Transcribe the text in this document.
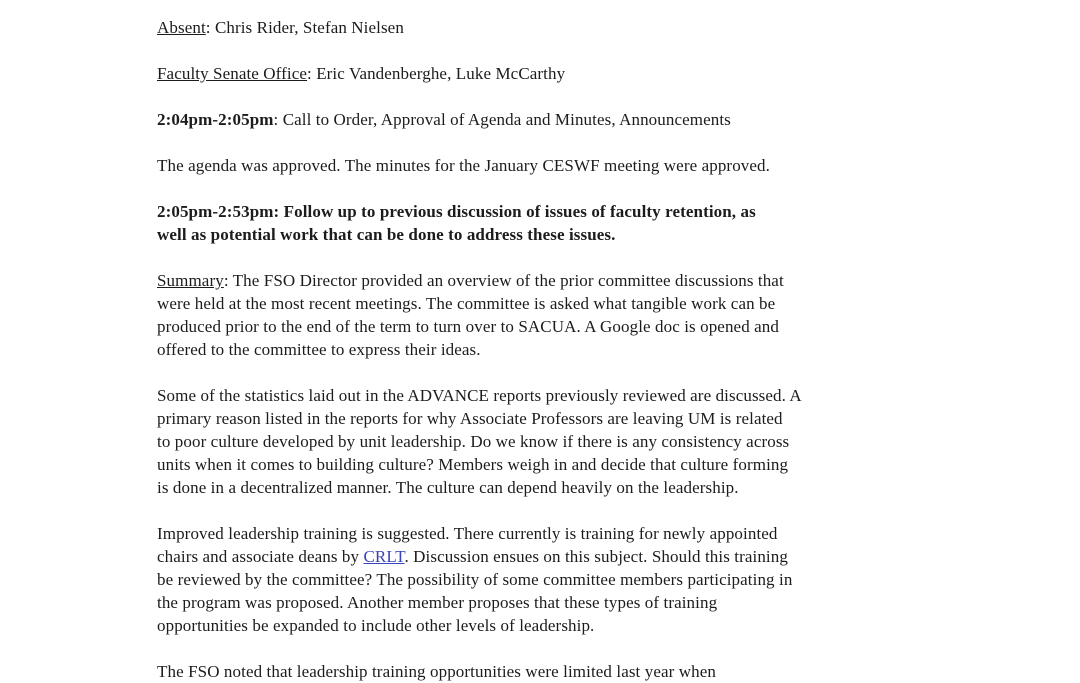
Absent: Chris Rider, Stefan Nielsen
Faculty Senate Office: Eric Vandenberghe, Luke McCarthy
2:04pm-2:05pm: Call to Order, Approval of Agenda and Minutes, Announcements
The agenda was approved. The minutes for the January CESWF meeting were approved.
2:05pm-2:53pm: Follow up to previous discussion of issues of faculty retention, as
well as potential work that can be done to address these issues.
Summary: The FSO Director provided an overview of the prior committee discussions that
were held at the most recent meetings. The committee is asked what tangible work can be
produced prior to the end of the term to turn over to SACUA. A Google doc is opened and
offered to the committee to express their ideas.
Some of the statistics laid out in the ADVANCE reports previously reviewed are discussed. A
primary reason listed in the reports for why Associate Professors are leaving UM is related
to poor culture developed by unit leadership. Do we know if there is any consistency across
units when it comes to building culture? Members weigh in and decide that culture forming
is done in a decentralized manner. The culture can depend heavily on the leadership.
Improved leadership training is suggested. There currently is training for newly appointed
chairs and associate deans by CRLT. Discussion ensues on this subject. Should this training
be reviewed by the committee? The possibility of some committee members participating in
the program was proposed. Another member proposes that these types of training
opportunities be expanded to include other levels of leadership.
The FSO noted that leadership training opportunities were limited last year when
